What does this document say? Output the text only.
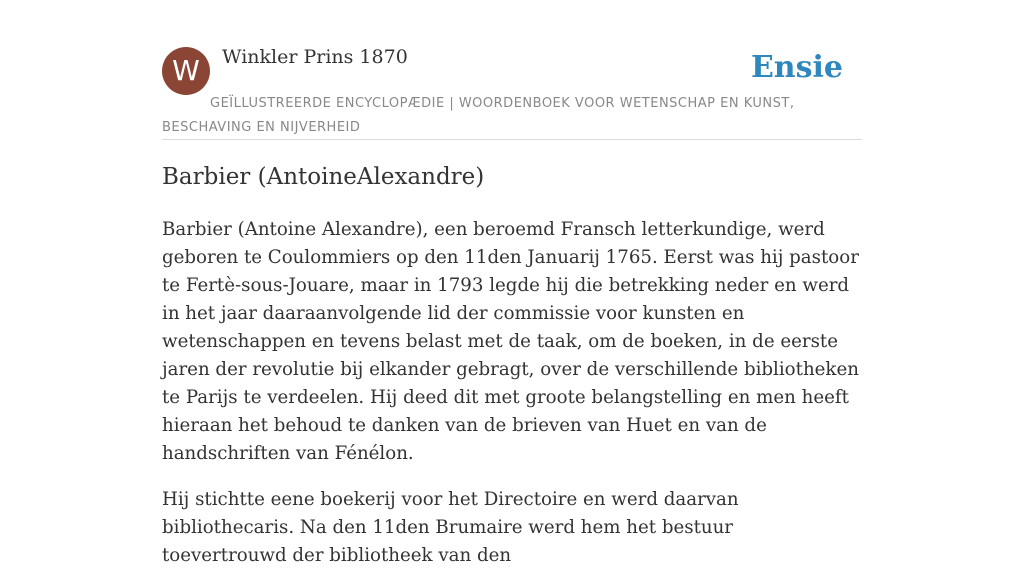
W	Winkler Prins 1870	Ensie
GEÏLLUSTREERDE ENCYCLOPÆDIE | WOORDENBOEK VOOR WETENSCHAP EN KUNST, BESCHAVING EN NIJVERHEID
Barbier (AntoineAlexandre)

Barbier (Antoine Alexandre), een beroemd Fransch letterkundige, werd geboren te Coulommiers op den 11den Januarij 1765. Eerst was hij pastoor te Fertè-sous-Jouare, maar in 1793 legde hij die betrekking neder en werd in het jaar daaraanvolgende lid der commissie voor kunsten en wetenschappen en tevens belast met de taak, om de boeken, in de eerste jaren der revolutie bij elkander gebragt, over de verschillende bibliotheken te Parijs te verdeelen. Hij deed dit met groote belangstelling en men heeft hieraan het behoud te danken van de brieven van Huet en van de handschriften van Fénélon.

Hij stichtte eene boekerij voor het Directoire en werd daarvan bibliothecaris. Na den 11den Brumaire werd hem het bestuur toevertrouwd der bibliotheek van den
